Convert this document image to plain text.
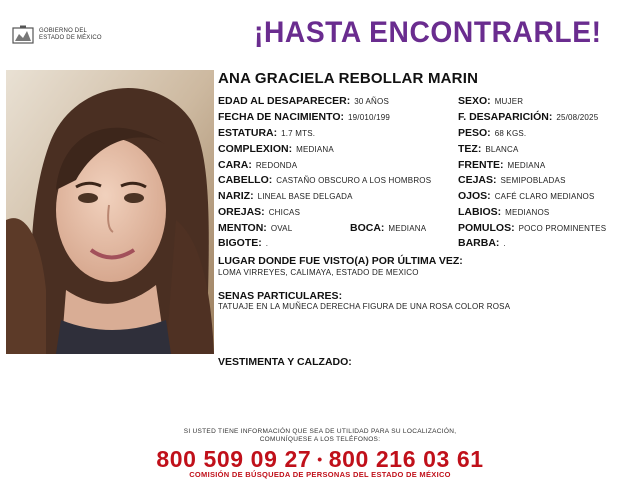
GOBIERNO DEL
ESTADO DE MÉXICO	¡HASTA ENCONTRARLE!
ANA GRACIELA REBOLLAR MARIN
EDAD AL DESAPARECER: 30 AÑOS
FECHA DE NACIMIENTO: 19/010/199
ESTATURA: 1.7 MTS.
COMPLEXION: MEDIANA
CARA: REDONDA
CABELLO: CASTAÑO OBSCURO A LOS HOMBROS
NARIZ: LINEAL BASE DELGADA
OREJAS: CHICAS
MENTON: OVAL	BOCA: MEDIANA
BIGOTE: .
SEXO: MUJER
F. DESAPARICIÓN: 25/08/2025
PESO: 68 KGS.
TEZ: BLANCA
FRENTE: MEDIANA
CEJAS: SEMIPOBLADAS
OJOS: CAFÉ CLARO MEDIANOS
LABIOS: MEDIANOS
POMULOS: POCO PROMINENTES
BARBA: .
LUGAR DONDE FUE VISTO(A) POR ÚLTIMA VEZ:
LOMA VIRREYES, CALIMAYA, ESTADO DE MEXICO
SENAS PARTICULARES:
TATUAJE EN LA MUÑECA DERECHA FIGURA DE UNA ROSA COLOR ROSA
VESTIMENTA Y CALZADO:
SI USTED TIENE INFORMACIÓN QUE SEA DE UTILIDAD PARA SU LOCALIZACIÓN,
COMUNÍQUESE A LOS TELÉFONOS:
800 509 09 27 • 800 216 03 61
COMISIÓN DE BÚSQUEDA DE PERSONAS DEL ESTADO DE MÉXICO
